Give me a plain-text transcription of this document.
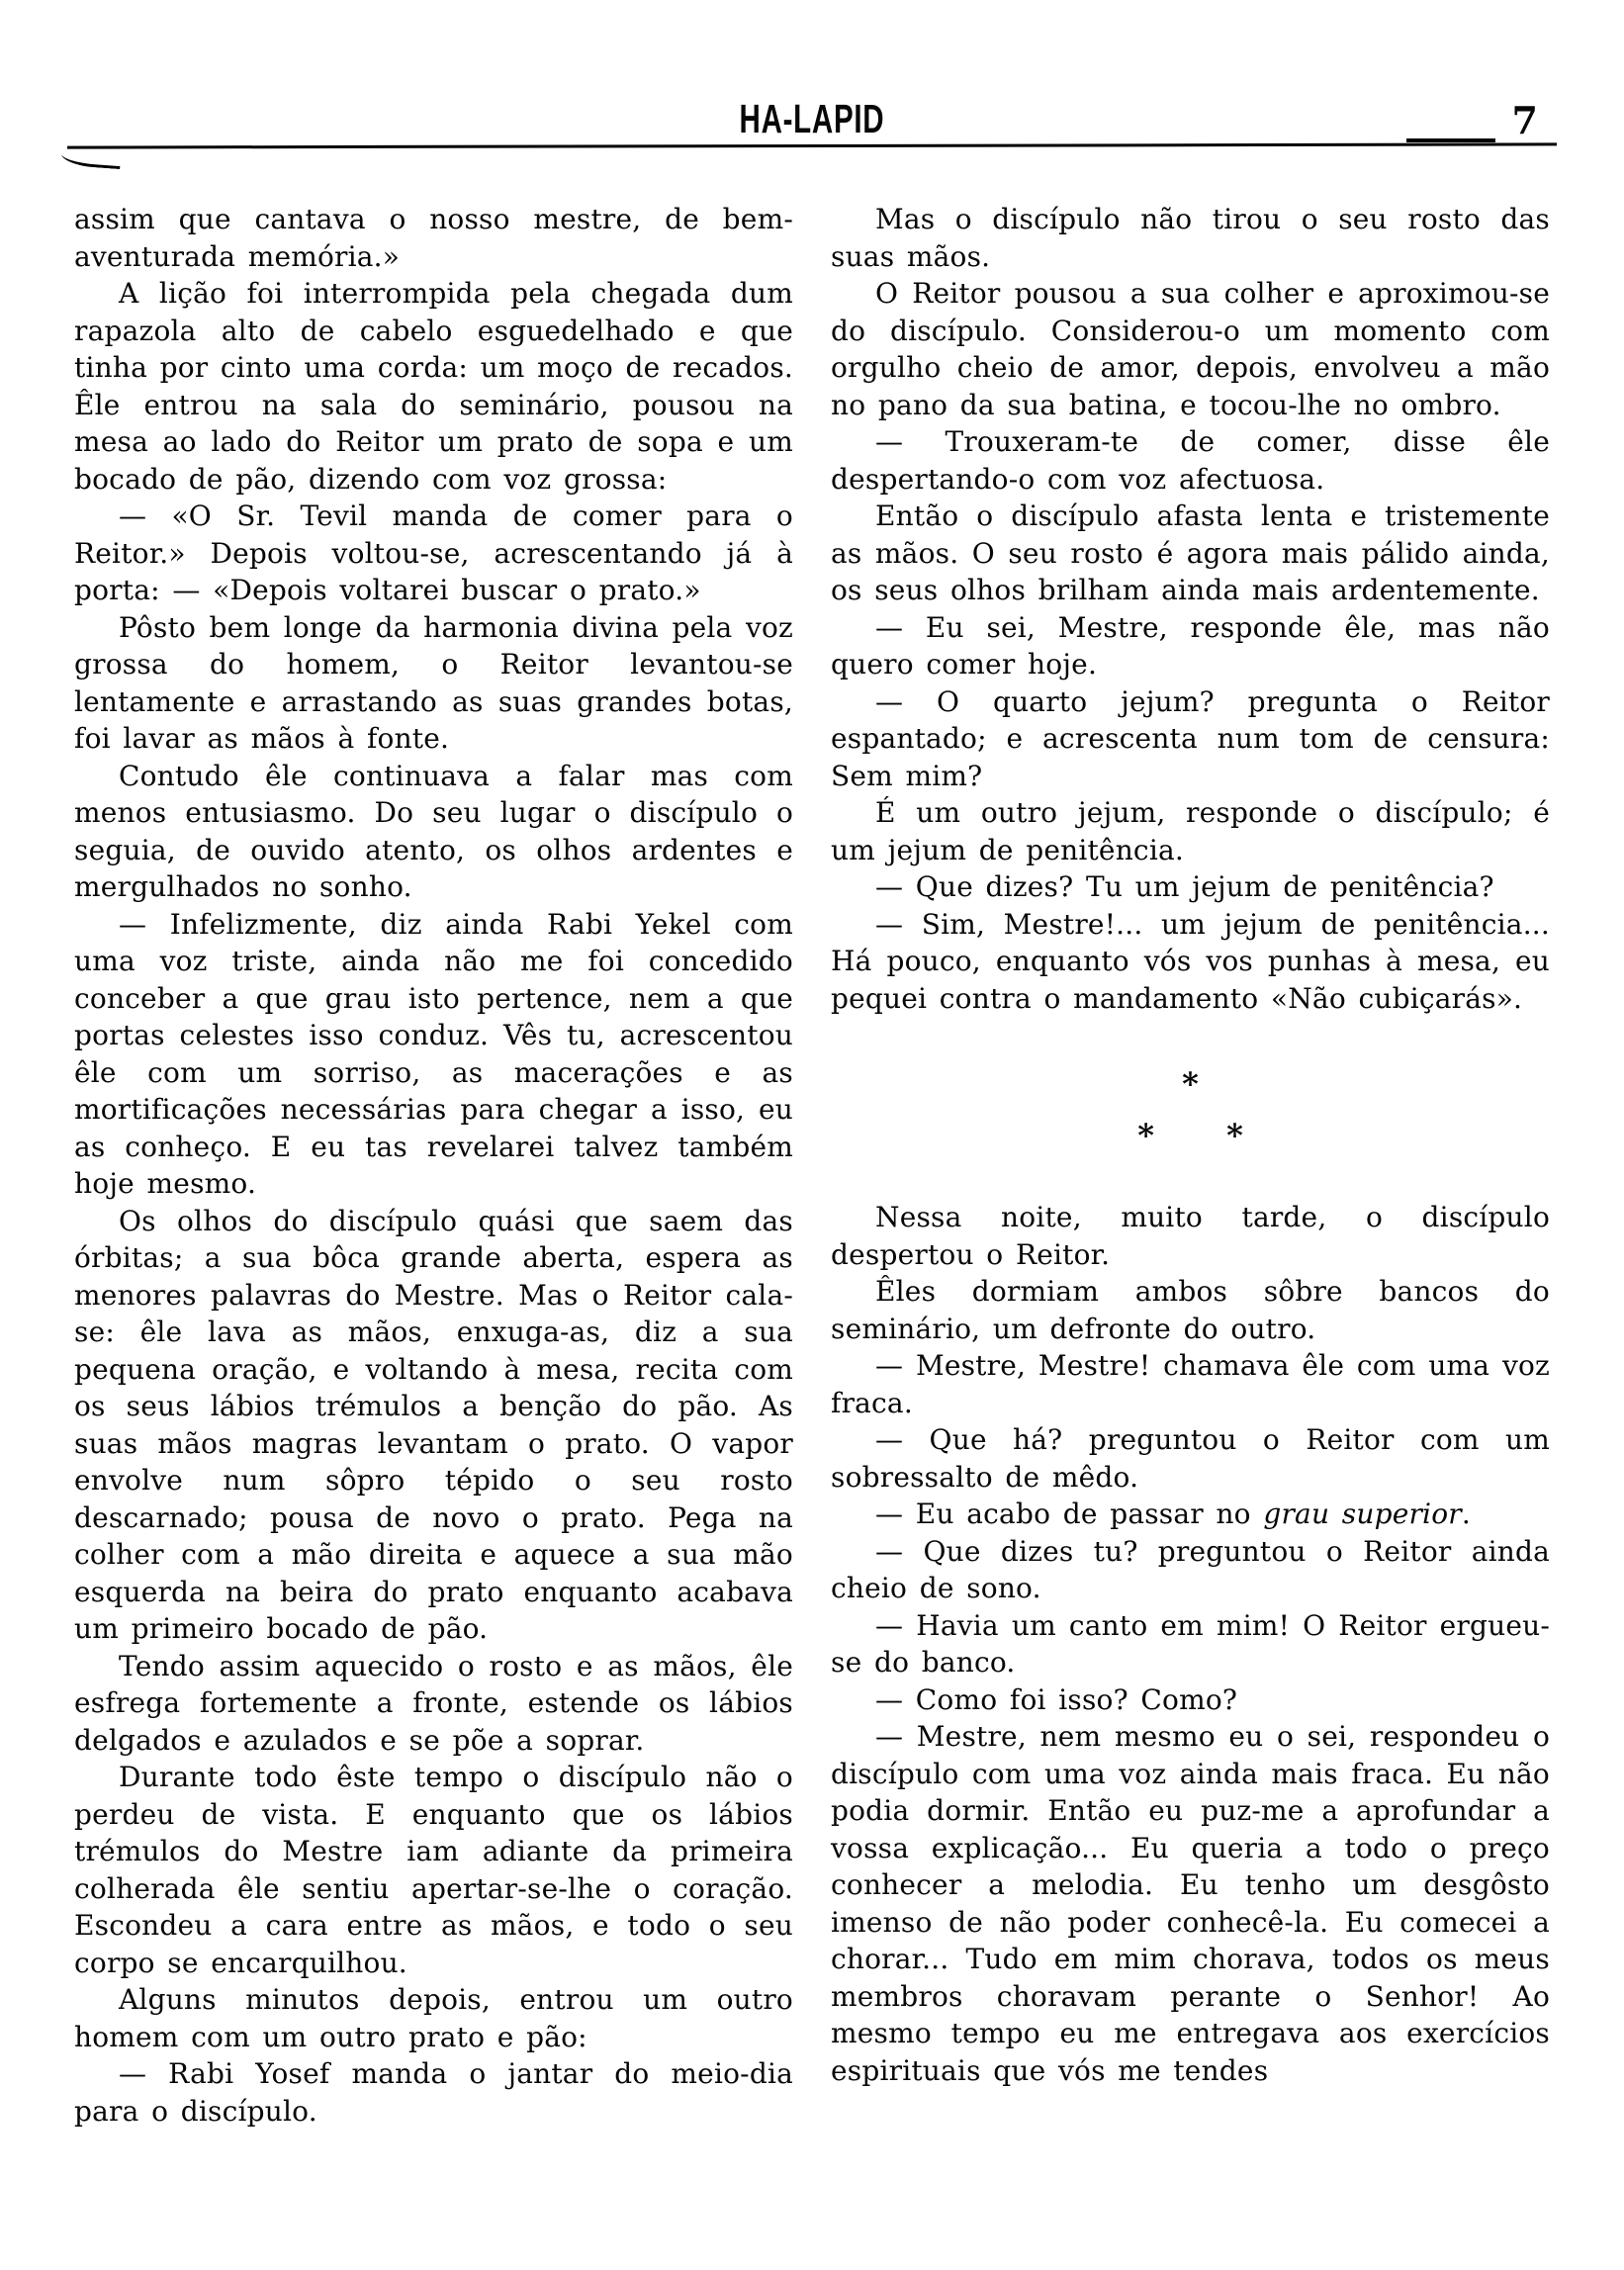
HA-LAPID	7

assim que cantava o nosso mestre, de bem-aventurada memória.»

A lição foi interrompida pela chegada dum rapazola alto de cabelo esguedelhado e que tinha por cinto uma corda: um moço de recados. Êle entrou na sala do seminário, pousou na mesa ao lado do Reitor um prato de sopa e um bocado de pão, dizendo com voz grossa:

— «O Sr. Tevil manda de comer para o Reitor.» Depois voltou-se, acrescentando já à porta: — «Depois voltarei buscar o prato.»

Pôsto bem longe da harmonia divina pela voz grossa do homem, o Reitor levantou-se lentamente e arrastando as suas grandes botas, foi lavar as mãos à fonte.

Contudo êle continuava a falar mas com menos entusiasmo. Do seu lugar o discípulo o seguia, de ouvido atento, os olhos ardentes e mergulhados no sonho.

— Infelizmente, diz ainda Rabi Yekel com uma voz triste, ainda não me foi concedido conceber a que grau isto pertence, nem a que portas celestes isso conduz. Vês tu, acrescentou êle com um sorriso, as macerações e as mortificações necessárias para chegar a isso, eu as conheço. E eu tas revelarei talvez também hoje mesmo.

Os olhos do discípulo quási que saem das órbitas; a sua bôca grande aberta, espera as menores palavras do Mestre. Mas o Reitor cala-se: êle lava as mãos, enxuga-as, diz a sua pequena oração, e voltando à mesa, recita com os seus lábios trémulos a benção do pão. As suas mãos magras levantam o prato. O vapor envolve num sôpro tépido o seu rosto descarnado; pousa de novo o prato. Pega na colher com a mão direita e aquece a sua mão esquerda na beira do prato enquanto acabava um primeiro bocado de pão.

Tendo assim aquecido o rosto e as mãos, êle esfrega fortemente a fronte, estende os lábios delgados e azulados e se põe a soprar.

Durante todo êste tempo o discípulo não o perdeu de vista. E enquanto que os lábios trémulos do Mestre iam adiante da primeira colherada êle sentiu apertar-se-lhe o coração. Escondeu a cara entre as mãos, e todo o seu corpo se encarquilhou.

Alguns minutos depois, entrou um outro homem com um outro prato e pão:

— Rabi Yosef manda o jantar do meio-dia para o discípulo.

Mas o discípulo não tirou o seu rosto das suas mãos.

O Reitor pousou a sua colher e aproximou-se do discípulo. Considerou-o um momento com orgulho cheio de amor, depois, envolveu a mão no pano da sua batina, e tocou-lhe no ombro.

— Trouxeram-te de comer, disse êle despertando-o com voz afectuosa.

Então o discípulo afasta lenta e tristemente as mãos. O seu rosto é agora mais pálido ainda, os seus olhos brilham ainda mais ardentemente.

— Eu sei, Mestre, responde êle, mas não quero comer hoje.

— O quarto jejum? pregunta o Reitor espantado; e acrescenta num tom de censura: Sem mim?

É um outro jejum, responde o discípulo; é um jejum de penitência.

— Que dizes? Tu um jejum de penitência?

— Sim, Mestre!... um jejum de penitência... Há pouco, enquanto vós vos punhas à mesa, eu pequei contra o mandamento «Não cubiçarás».

*
* *

Nessa noite, muito tarde, o discípulo despertou o Reitor.

Êles dormiam ambos sôbre bancos do seminário, um defronte do outro.

— Mestre, Mestre! chamava êle com uma voz fraca.

— Que há? preguntou o Reitor com um sobressalto de mêdo.

— Eu acabo de passar no grau superior.

— Que dizes tu? preguntou o Reitor ainda cheio de sono.

— Havia um canto em mim! O Reitor ergueu-se do banco.

— Como foi isso? Como?

— Mestre, nem mesmo eu o sei, respondeu o discípulo com uma voz ainda mais fraca. Eu não podia dormir. Então eu puz-me a aprofundar a vossa explicação... Eu queria a todo o preço conhecer a melodia. Eu tenho um desgôsto imenso de não poder conhecê-la. Eu comecei a chorar... Tudo em mim chorava, todos os meus membros choravam perante o Senhor! Ao mesmo tempo eu me entregava aos exercícios espirituais que vós me tendes
